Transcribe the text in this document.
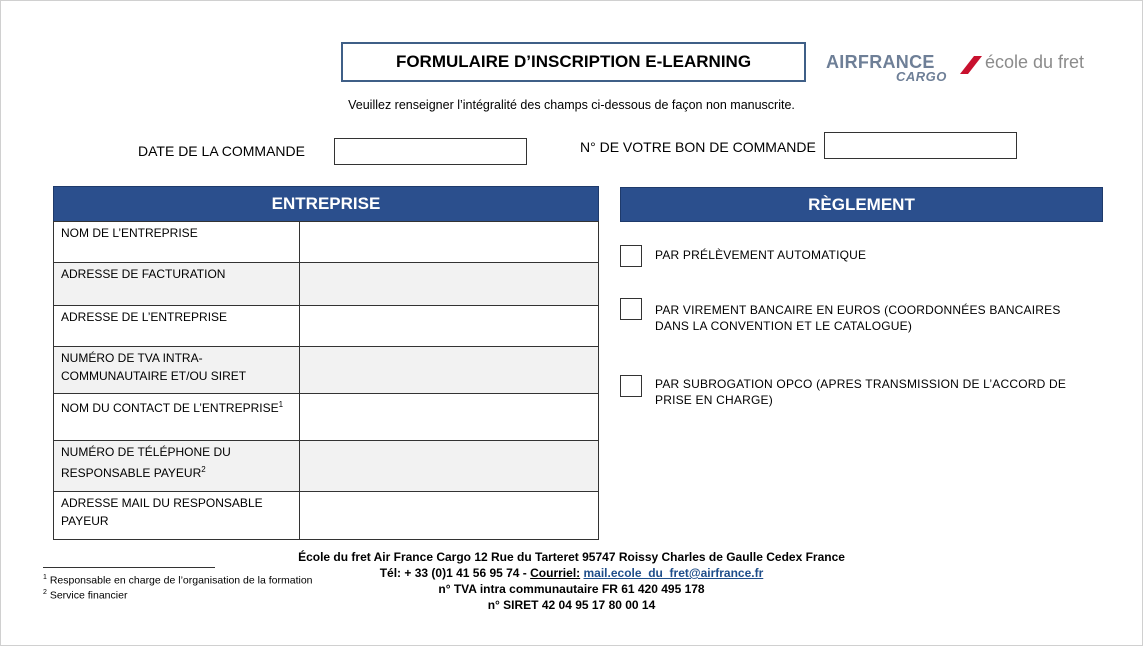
FORMULAIRE D’INSCRIPTION E-LEARNING	AIRFRANCE
CARGO
école du fret
Veuillez renseigner l’intégralité des champs ci-dessous de façon non manuscrite.
DATE DE LA COMMANDE	N° DE VOTRE BON DE COMMANDE
ENTREPRISE
NOM DE L’ENTREPRISE	
ADRESSE DE FACTURATION	
ADRESSE DE L’ENTREPRISE	
NUMÉRO DE TVA INTRA-COMMUNAUTAIRE ET/OU SIRET	
NOM DU CONTACT DE L’ENTREPRISE$^1$	
NUMÉRO DE TÉLÉPHONE DU RESPONSABLE PAYEUR$^2$	
ADRESSE MAIL DU RESPONSABLE PAYEUR	
RÈGLEMENT
PAR PRÉLÈVEMENT AUTOMATIQUE
PAR VIREMENT BANCAIRE EN EUROS (COORDONNÉES BANCAIRES DANS LA CONVENTION ET LE CATALOGUE)
PAR SUBROGATION OPCO (APRES TRANSMISSION DE L’ACCORD DE PRISE EN CHARGE)
$^1$ Responsable en charge de l’organisation de la formation
$^2$ Service financier
École du fret Air France Cargo 12 Rue du Tarteret 95747 Roissy Charles de Gaulle Cedex France
Tél: + 33 (0)1 41 56 95 74 - Courriel: mail.ecole_du_fret@airfrance.fr
n° TVA intra communautaire FR 61 420 495 178
n° SIRET 42 04 95 17 80 00 14
